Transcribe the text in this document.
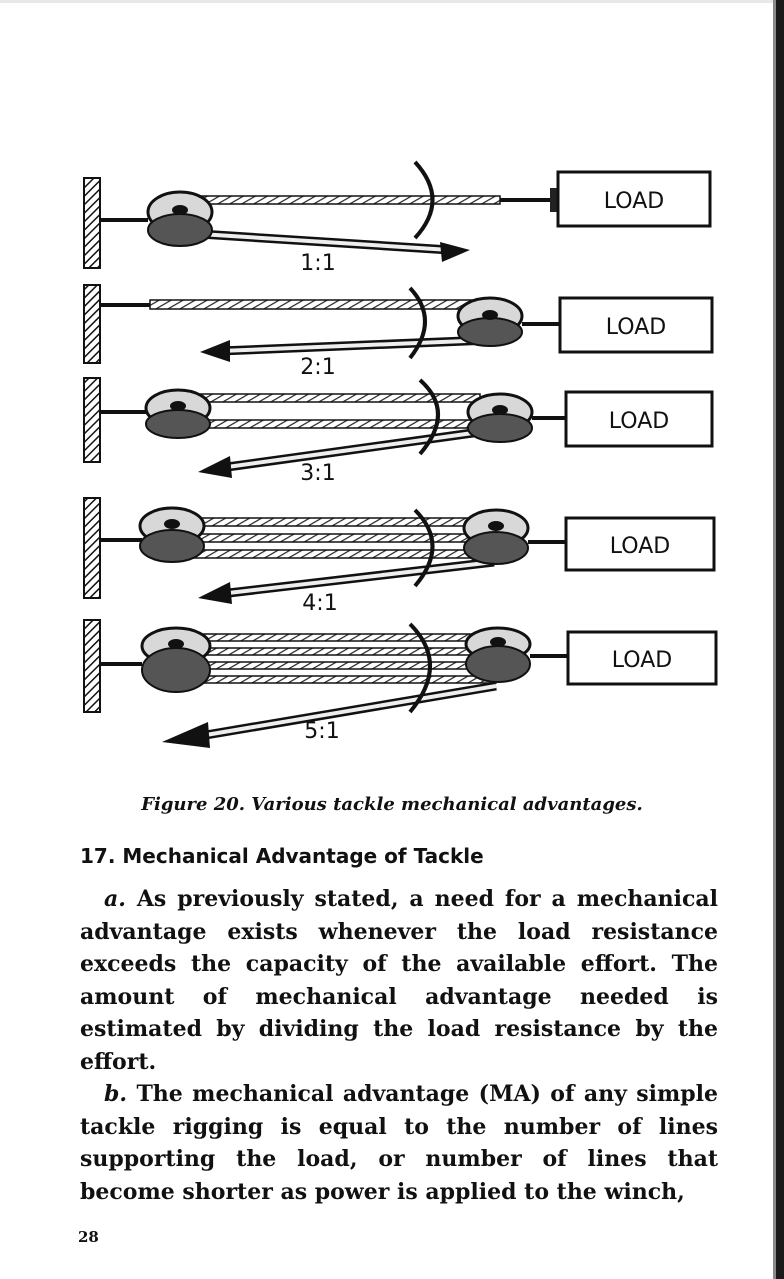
LOAD
1:1
LOAD
2:1
LOAD
3:1
LOAD
4:1
LOAD
5:1
Figure 20. Various tackle mechanical advantages.
17. Mechanical Advantage of Tackle

a. As previously stated, a need for a mechanical advantage exists whenever the load resistance exceeds the capacity of the available effort. The amount of mechanical advantage needed is estimated by dividing the load resistance by the effort.

b. The mechanical advantage (MA) of any simple tackle rigging is equal to the number of lines supporting the load, or number of lines that become shorter as power is applied to the winch,

28
